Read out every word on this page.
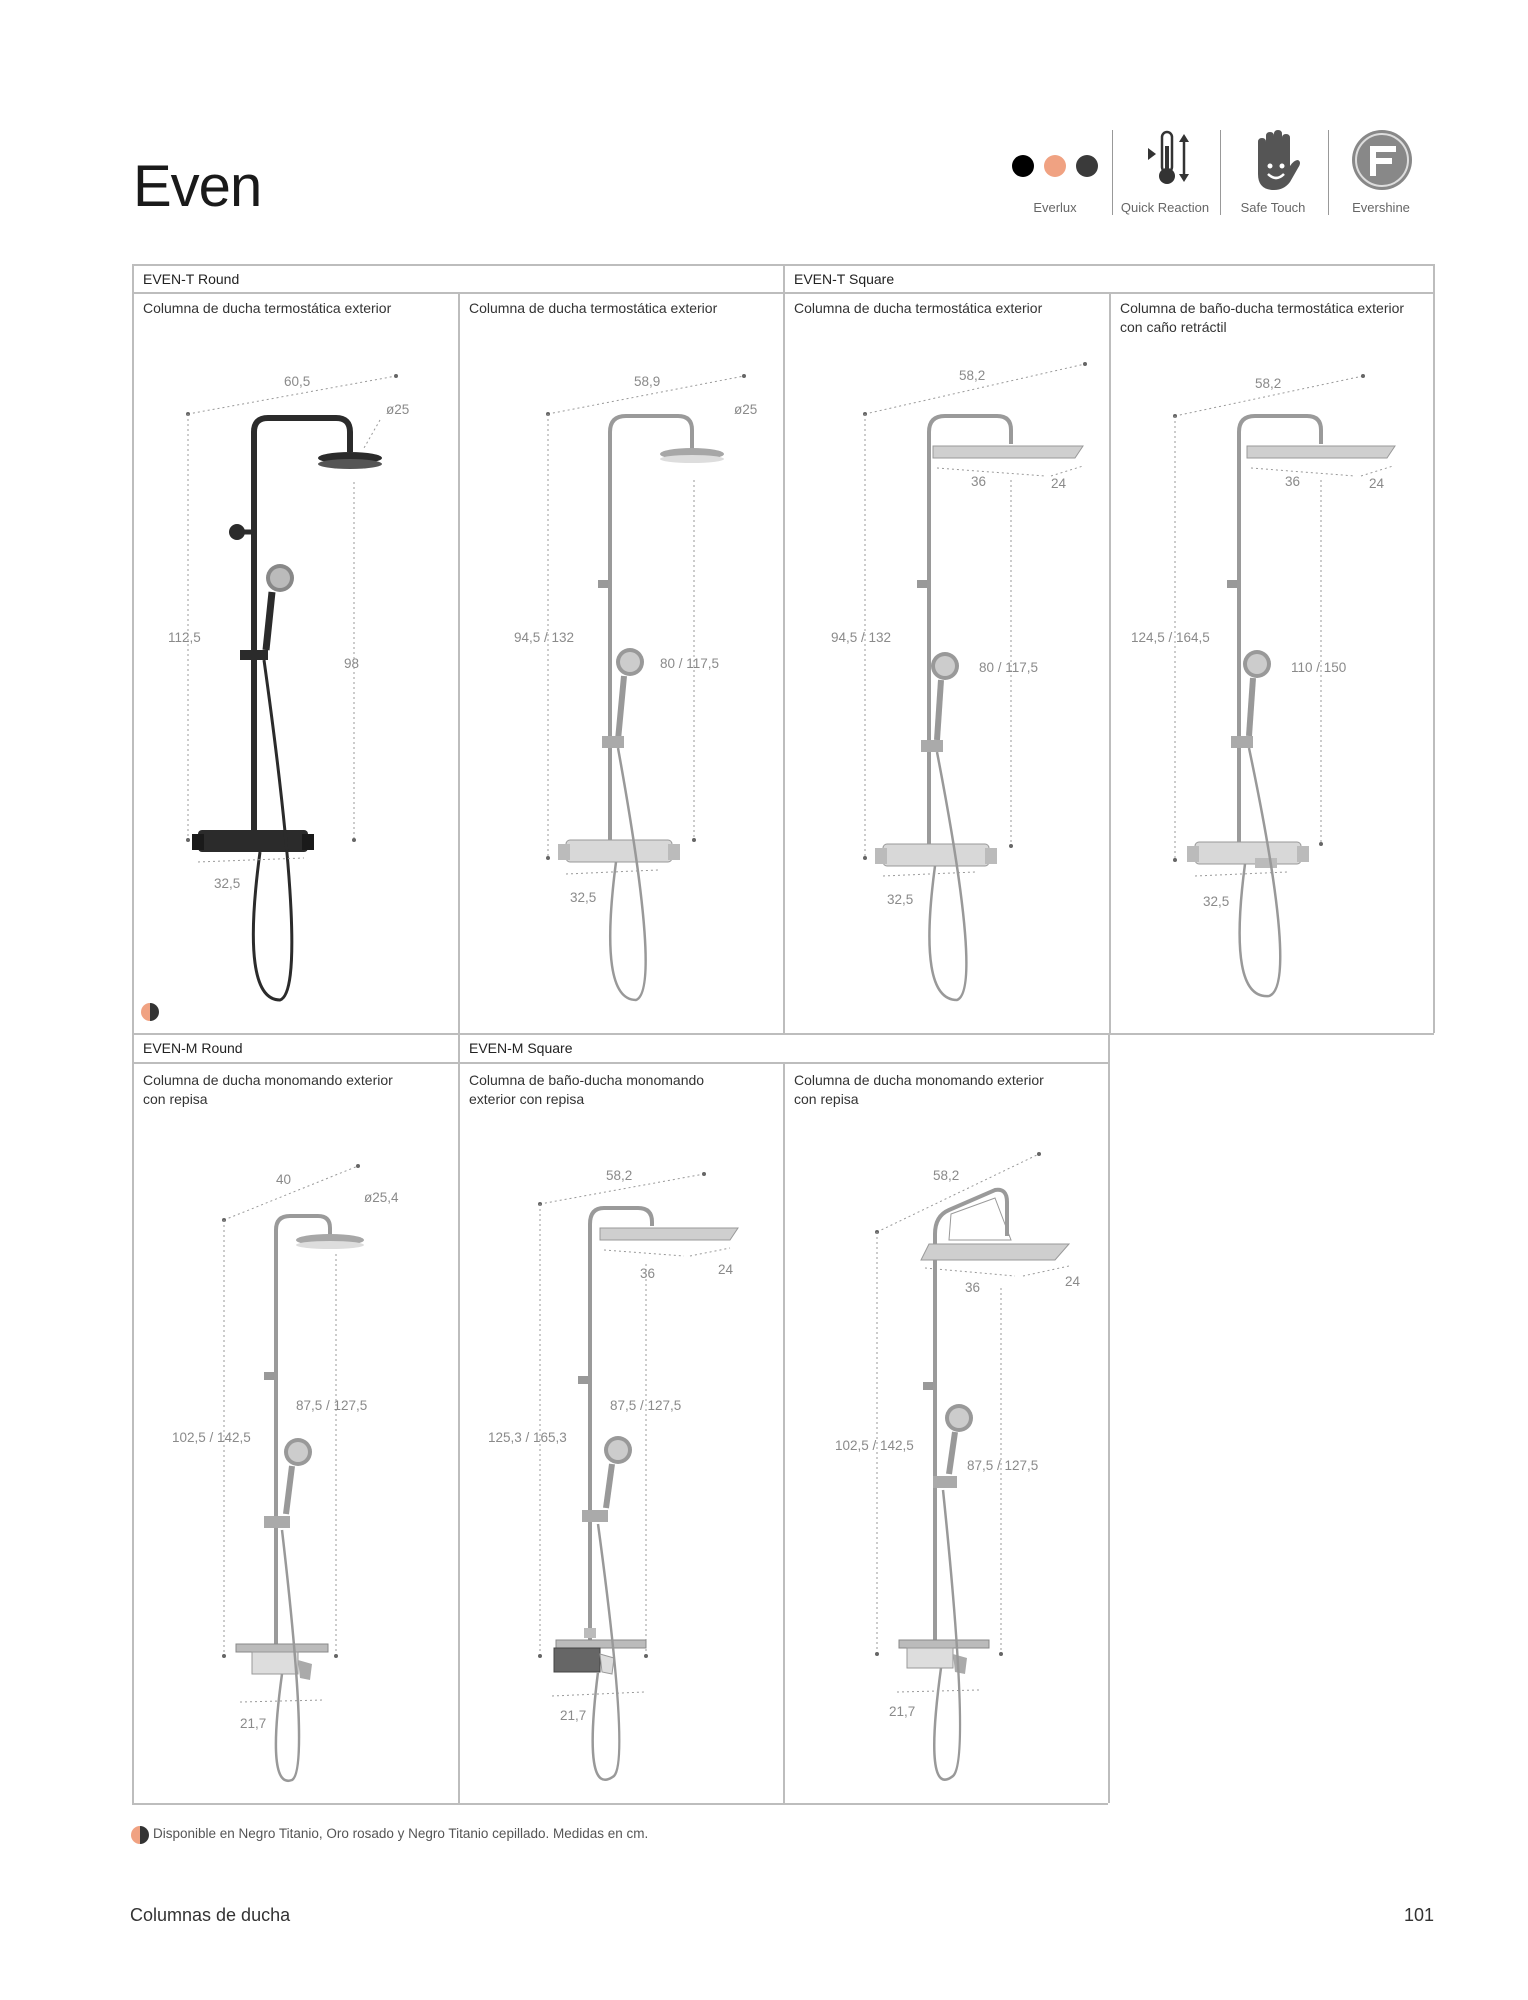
Even	Everlux	Quick Reaction	Safe Touch	Evershine
EVEN-T Round	EVEN-T Square
EVEN-M Round	EVEN-M Square
Columna de ducha termostática exterior	Columna de ducha termostática exterior	Columna de ducha termostática exterior	Columna de baño-ducha termostática exterior con caño retráctil
Columna de ducha monomando exterior con repisa
Columna de baño-ducha monomando exterior con repisa
Columna de ducha monomando exterior con repisa
60,5
ø25
112,5
98
32,5
58,9
ø25
94,5 / 132
80 / 117,5
32,5
58,2
94,5 / 132
80 / 117,5
36	24
32,5
58,2
124,5 / 164,5
110 / 150
36	24
32,5
40
ø25,4
102,5 / 142,5
87,5 / 127,5
21,7
58,2
125,3 / 165,3
87,5 / 127,5
36	24
21,7
58,2
102,5 / 142,5
87,5 / 127,5
36	24
21,7
Disponible en Negro Titanio, Oro rosado y Negro Titanio cepillado. Medidas en cm.
Columnas de ducha	101
